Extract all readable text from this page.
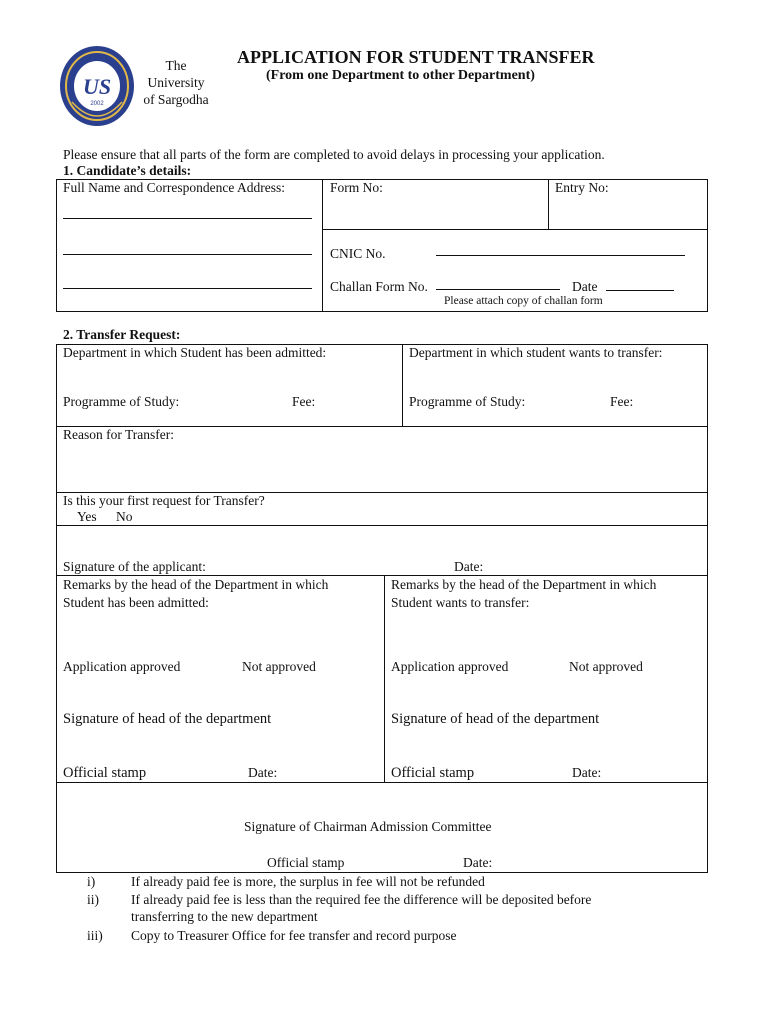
US
2002
The
University
of Sargodha
APPLICATION FOR STUDENT TRANSFER
(From one Department to other Department)
Please ensure that all parts of the form are completed to avoid delays in processing your application.
1. Candidate’s details:
Full Name and Correspondence Address:	Form No:	Entry No:
CNIC No.
Challan Form No.	Date
Please attach copy of challan form
2. Transfer Request:
Department in which Student has been admitted:	Department in which student wants to transfer:
Programme of Study:	Fee:	Programme of Study:	Fee:
Reason for Transfer:
Is this your first request for Transfer?
Yes No
Signature of the applicant:	Date:
Remarks by the head of the Department in which
Student has been admitted:
Remarks by the head of the Department in which
Student wants to transfer:
Application approved	Not approved	Application approved	Not approved
Signature of head of the department	Signature of head of the department
Official stamp	Date:	Official stamp	Date:
Signature of Chairman Admission Committee
Official stamp	Date:
i)	If already paid fee is more, the surplus in fee will not be refunded
ii) If already paid fee is less than the required fee the difference will be deposited before
transferring to the new department
iii) Copy to Treasurer Office for fee transfer and record purpose
